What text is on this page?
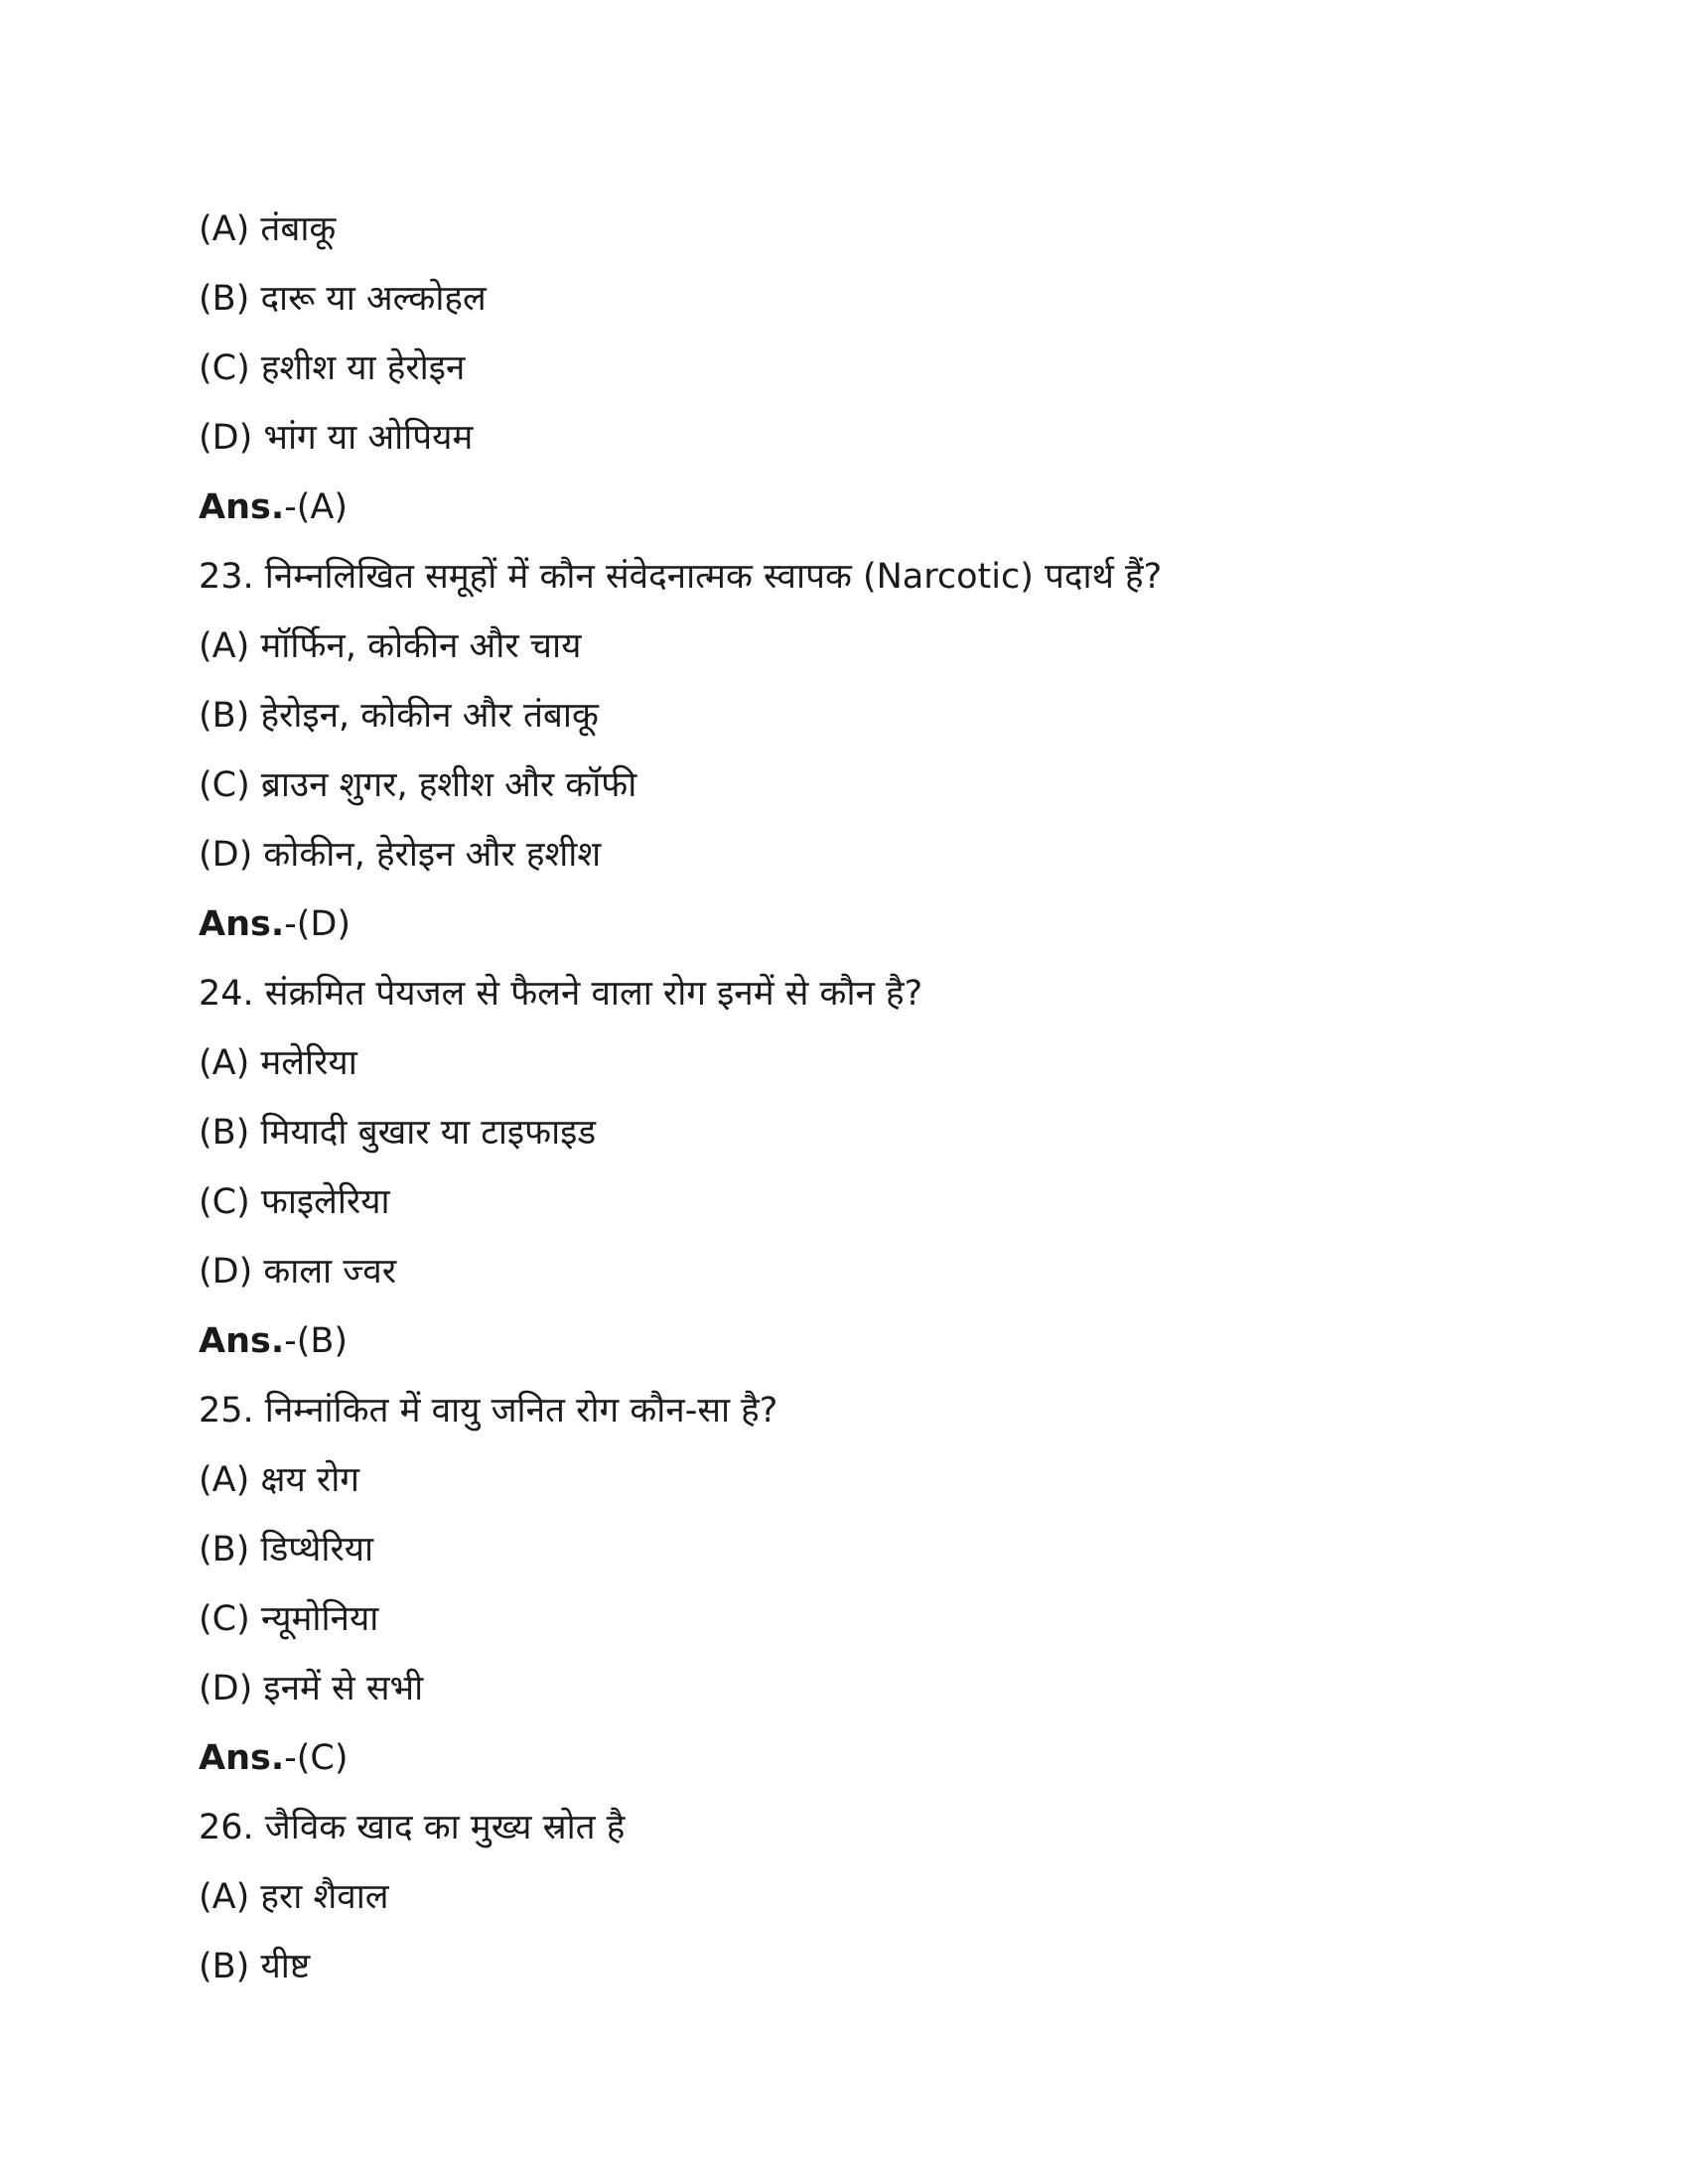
(A) तंबाकू
(B) दारू या अल्कोहल
(C) हशीश या हेरोइन
(D) भांग या ओपियम
Ans.-(A)
23. निम्नलिखित समूहों में कौन संवेदनात्मक स्वापक (Narcotic) पदार्थ हैं?
(A) मॉर्फिन, कोकीन और चाय
(B) हेरोइन, कोकीन और तंबाकू
(C) ब्राउन शुगर, हशीश और कॉफी
(D) कोकीन, हेरोइन और हशीश
Ans.-(D)
24. संक्रमित पेयजल से फैलने वाला रोग इनमें से कौन है?
(A) मलेरिया
(B) मियादी बुखार या टाइफाइड
(C) फाइलेरिया
(D) काला ज्वर
Ans.-(B)
25. निम्नांकित में वायु जनित रोग कौन-सा है?
(A) क्षय रोग
(B) डिप्थेरिया
(C) न्यूमोनिया
(D) इनमें से सभी
Ans.-(C)
26. जैविक खाद का मुख्य स्रोत है
(A) हरा शैवाल
(B) यीष्ट
